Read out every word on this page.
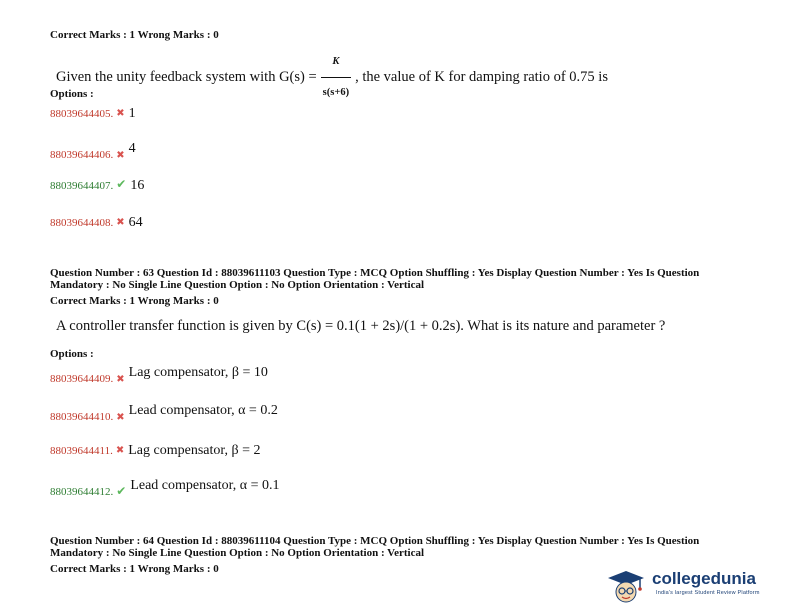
Correct Marks : 1 Wrong Marks : 0
Given the unity feedback system with $G(s) = \frac{K}{s(s+6)}$ , the value of K for damping ratio of 0.75 is
Options :
88039644405. ✖ 1
$_{88039644406.}$ ✖ 4
88039644407. ✔ 16
88039644408. ✖ 64
Question Number : 63 Question Id : 88039611103 Question Type : MCQ Option Shuffling : Yes Display Question Number : Yes Is Question
Mandatory : No Single Line Question Option : No Option Orientation : Vertical
Correct Marks : 1 Wrong Marks : 0
A controller transfer function is given by C(s) = 0.1(1 + 2s)/(1 + 0.2s). What is its nature and parameter ?
Options :
$_{88039644409.}$ ✖ Lag compensator, β = 10
$_{88039644410.}$ ✖ Lead compensator, α = 0.2
88039644411. ✖ Lag compensator, β = 2
$_{88039644412.}$ ✔ Lead compensator, α = 0.1
Question Number : 64 Question Id : 88039611104 Question Type : MCQ Option Shuffling : Yes Display Question Number : Yes Is Question
Mandatory : No Single Line Question Option : No Option Orientation : Vertical
Correct Marks : 1 Wrong Marks : 0	collegedunia
India's largest Student Review Platform
